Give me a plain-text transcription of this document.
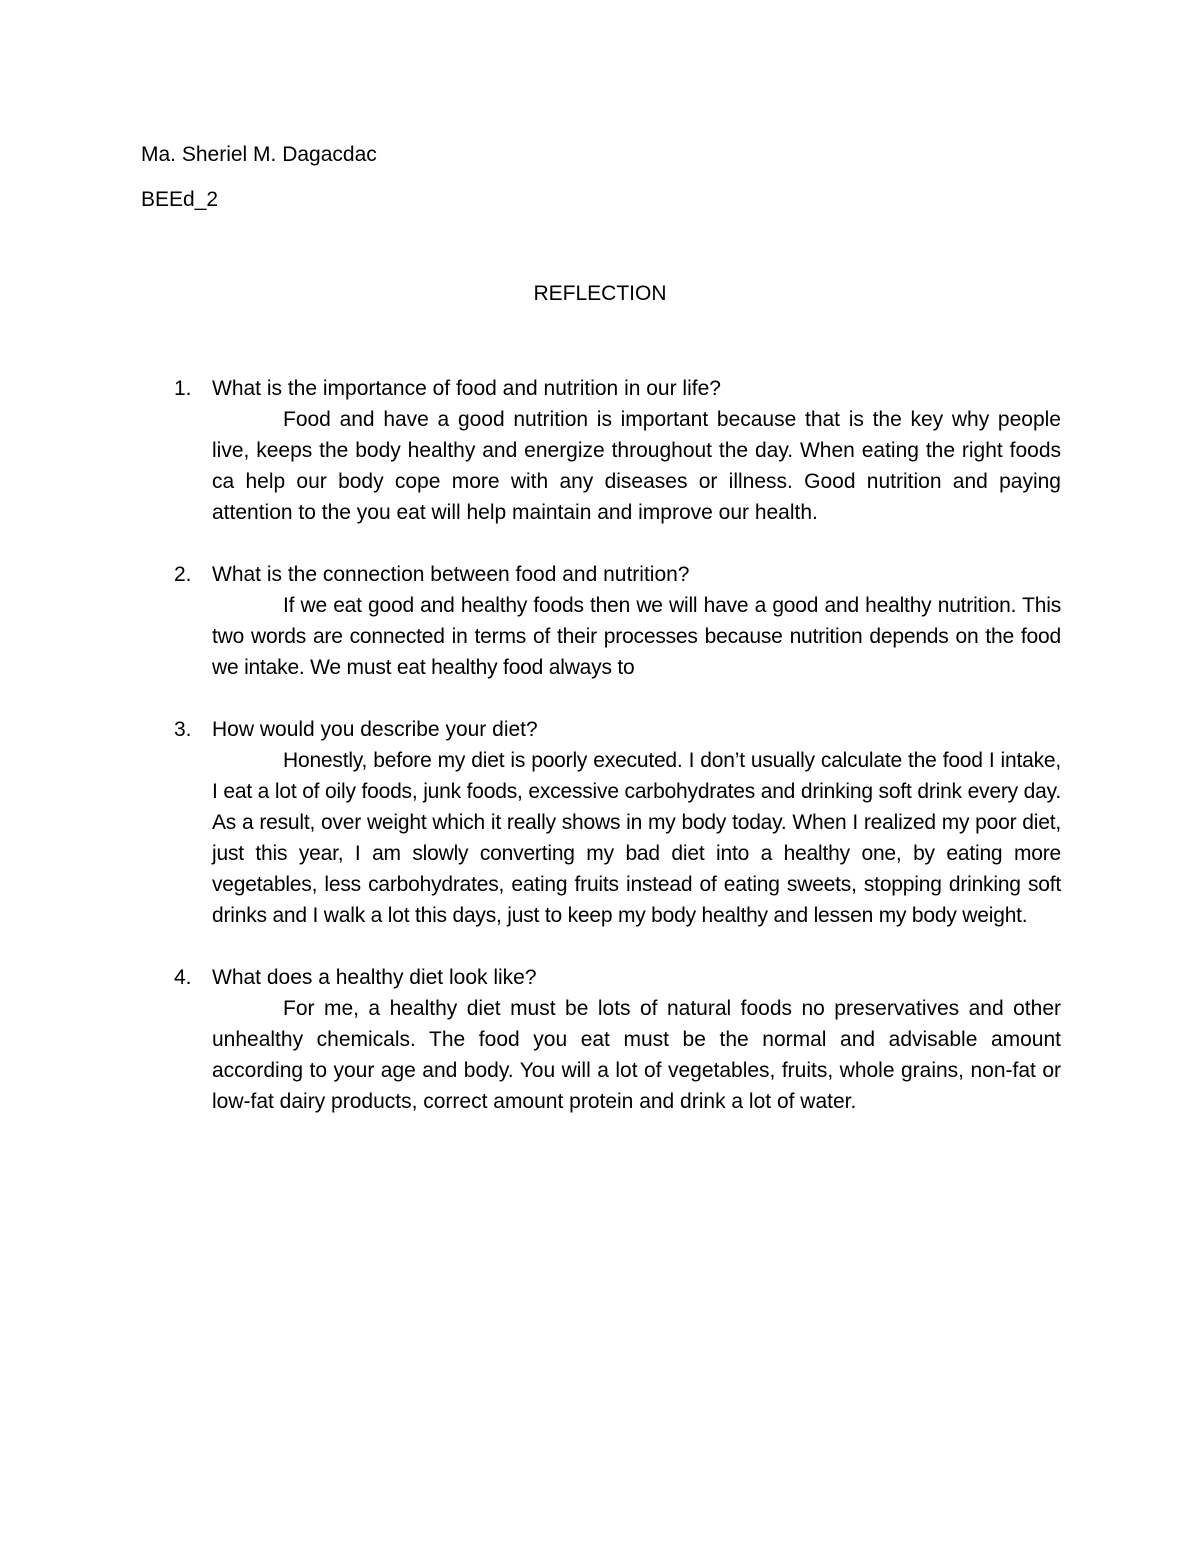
Ma. Sheriel M. Dagacdac
BEEd_2
REFLECTION
1. What is the importance of food and nutrition in our life?

Food and have a good nutrition is important because that is the key why people live, keeps the body healthy and energize throughout the day. When eating the right foods ca help our body cope more with any diseases or illness. Good nutrition and paying attention to the you eat will help maintain and improve our health.

2. What is the connection between food and nutrition?

If we eat good and healthy foods then we will have a good and healthy nutrition. This two words are connected in terms of their processes because nutrition depends on the food we intake. We must eat healthy food always to

3. How would you describe your diet?

Honestly, before my diet is poorly executed. I don’t usually calculate the food I intake, I eat a lot of oily foods, junk foods, excessive carbohydrates and drinking soft drink every day. As a result, over weight which it really shows in my body today. When I realized my poor diet, just this year, I am slowly converting my bad diet into a healthy one, by eating more vegetables, less carbohydrates, eating fruits instead of eating sweets, stopping drinking soft drinks and I walk a lot this days, just to keep my body healthy and lessen my body weight.

4. What does a healthy diet look like?

For me, a healthy diet must be lots of natural foods no preservatives and other unhealthy chemicals. The food you eat must be the normal and advisable amount according to your age and body. You will a lot of vegetables, fruits, whole grains, non-fat or low-fat dairy products, correct amount protein and drink a lot of water.
